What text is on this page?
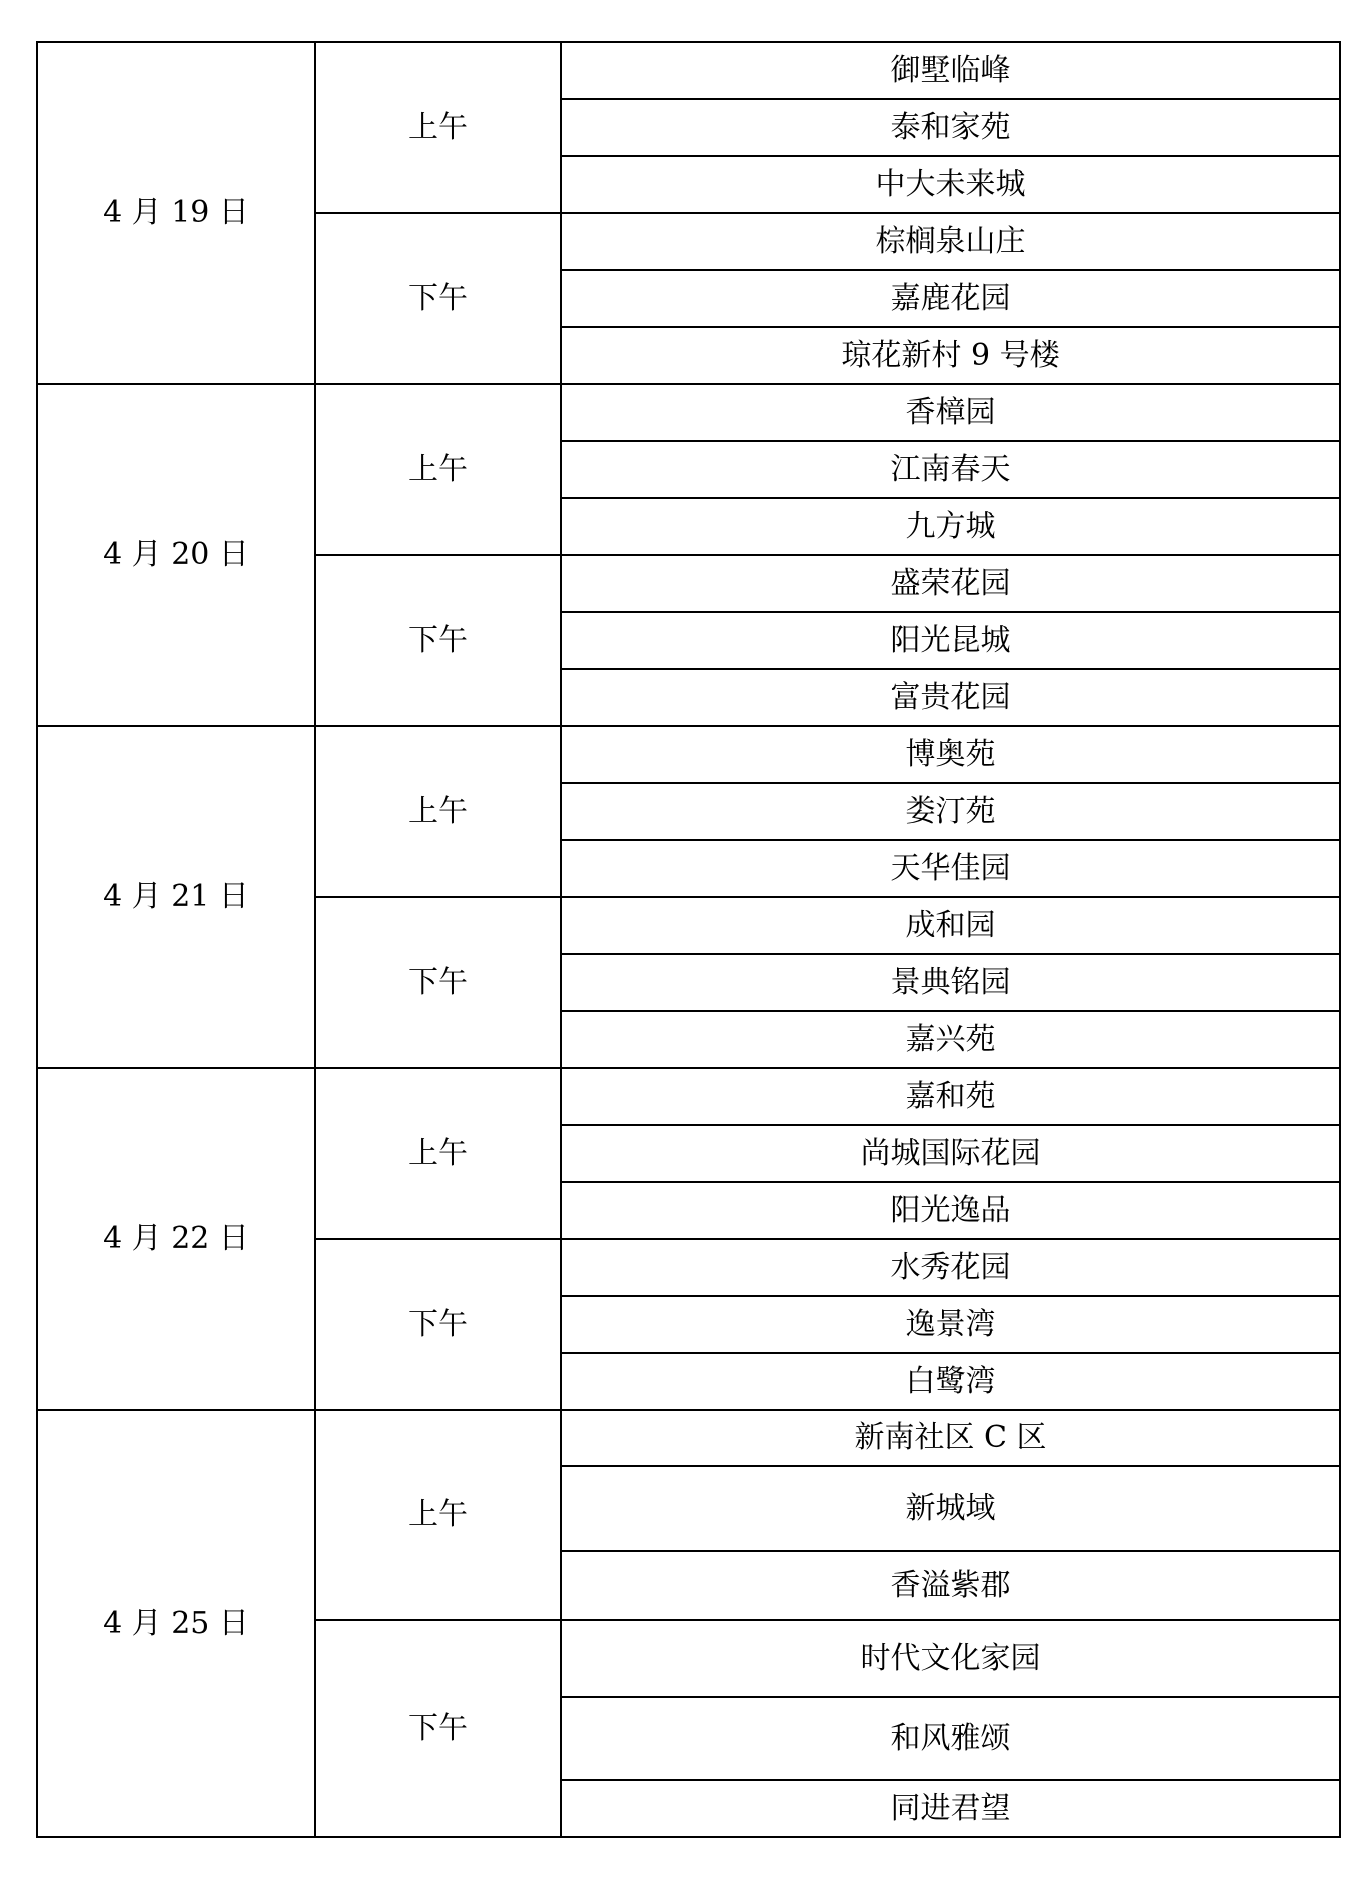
4 月 19 日	上午	御墅临峰
		泰和家苑
		中大未来城
	下午	棕榈泉山庄
		嘉鹿花园
		琼花新村 9 号楼
4 月 20 日	上午	香樟园
		江南春天
		九方城
	下午	盛荣花园
		阳光昆城
		富贵花园
4 月 21 日	上午	博奥苑
		娄汀苑
		天华佳园
	下午	成和园
		景典铭园
		嘉兴苑
4 月 22 日	上午	嘉和苑
		尚城国际花园
		阳光逸品
	下午	水秀花园
		逸景湾
		白鹭湾
4 月 25 日	上午	新南社区 C 区
		新城域
		香溢紫郡
	下午	时代文化家园
		和风雅颂
		同进君望
